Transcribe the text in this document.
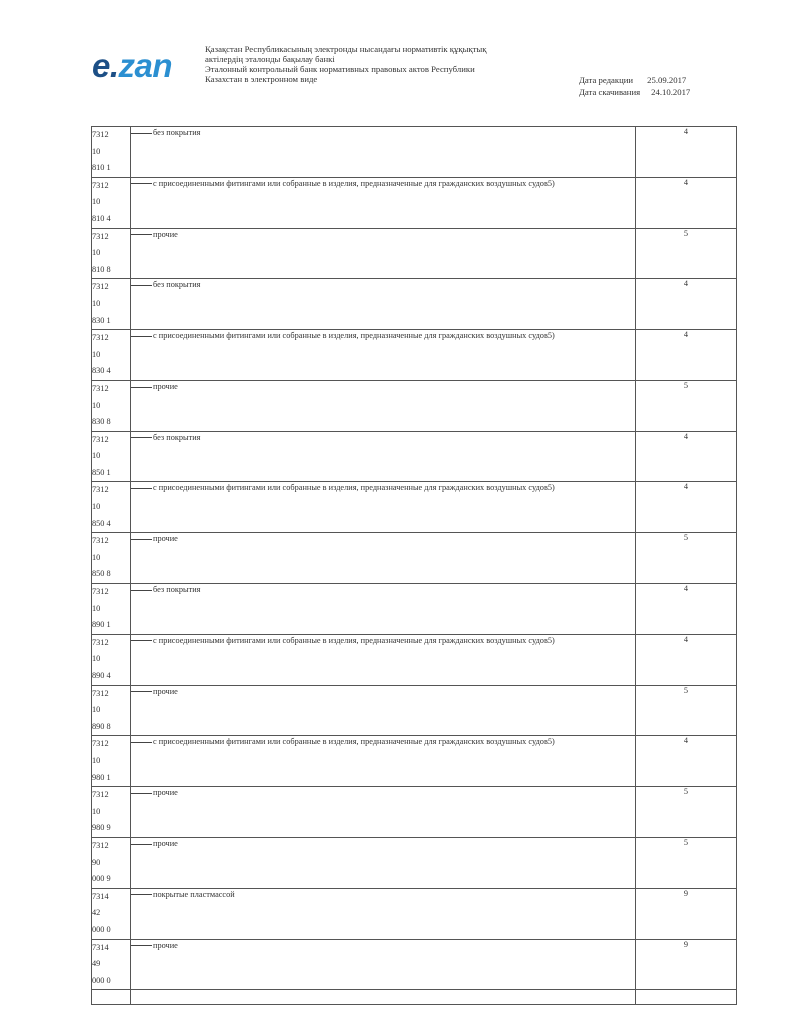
e.zan	Қазақстан Республикасының электронды нысандағы нормативтік құқықтық
актілердің эталонды бақылау банкі
Эталонный контрольный банк нормативных правовых актов Республики
Казахстан в электронном виде	Дата редакции 25.09.2017
Дата скачивания 24.10.2017
7312
10
810 1	без покрытия	4

7312
10
810 4	с присоединенными фитингами или собранные в изделия, предназначенные для гражданских воздушных судов5)	4

7312
10
810 8	прочие	5

7312
10
830 1	без покрытия	4

7312
10
830 4	с присоединенными фитингами или собранные в изделия, предназначенные для гражданских воздушных судов5)	4

7312
10
830 8	прочие	5

7312
10
850 1	без покрытия	4

7312
10
850 4	с присоединенными фитингами или собранные в изделия, предназначенные для гражданских воздушных судов5)	4

7312
10
850 8	прочие	5

7312
10
890 1	без покрытия	4

7312
10
890 4	с присоединенными фитингами или собранные в изделия, предназначенные для гражданских воздушных судов5)	4

7312
10
890 8	прочие	5

7312
10
980 1	с присоединенными фитингами или собранные в изделия, предназначенные для гражданских воздушных судов5)	4

7312
10
980 9	прочие	5

7312
90
000 9	прочие	5

7314
42
000 0	покрытые пластмассой	9

7314
49
000 0	прочие	9
